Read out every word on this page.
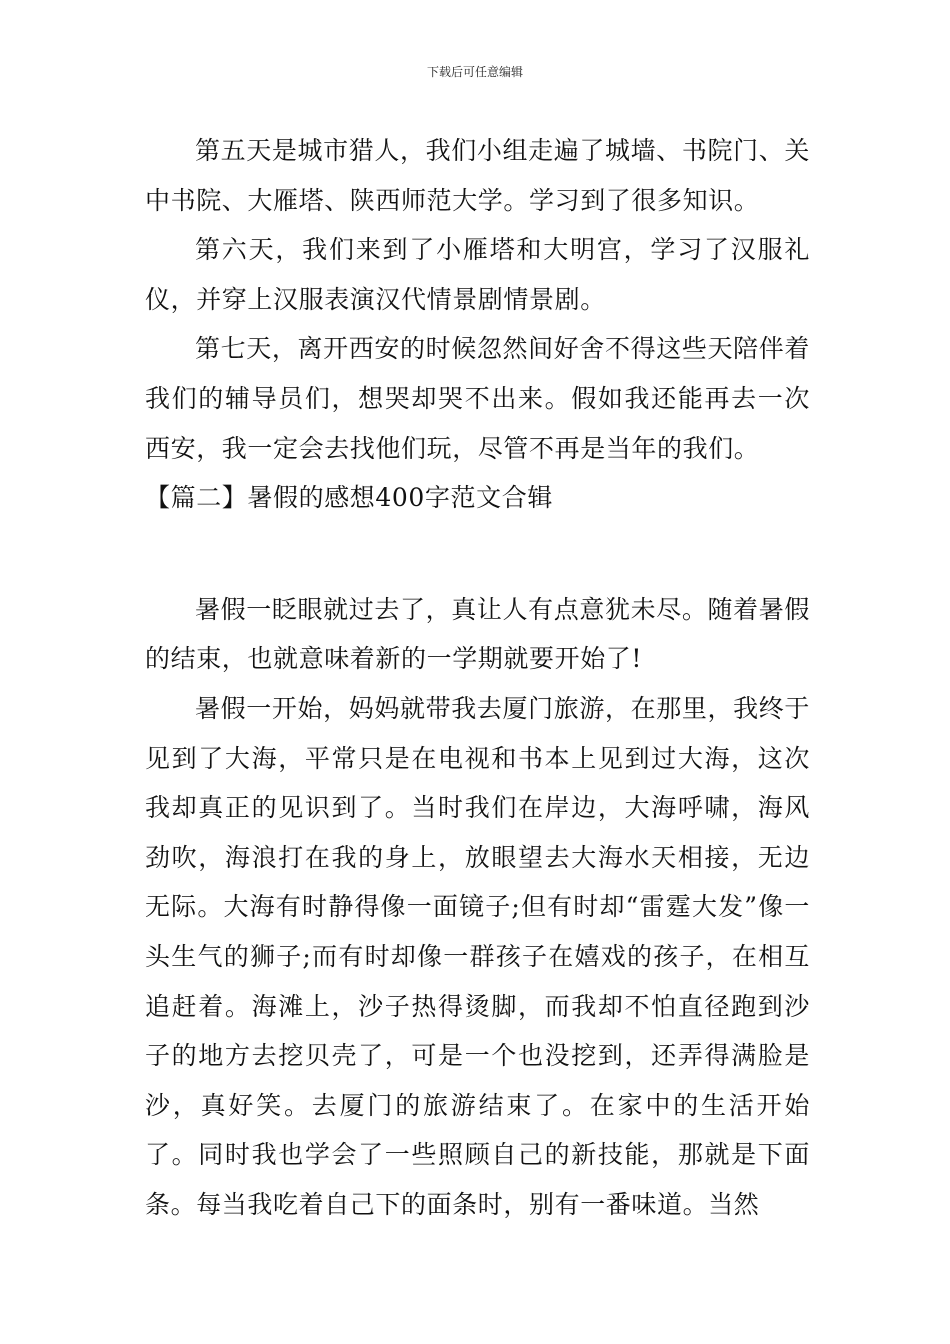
下载后可任意编辑

第五天是城市猎人，我们小组走遍了城墙、书院门、关中书院、大雁塔、陕西师范大学。学习到了很多知识。

第六天，我们来到了小雁塔和大明宫，学习了汉服礼仪，并穿上汉服表演汉代情景剧情景剧。

第七天，离开西安的时候忽然间好舍不得这些天陪伴着我们的辅导员们，想哭却哭不出来。假如我还能再去一次西安，我一定会去找他们玩，尽管不再是当年的我们。

【篇二】暑假的感想400字范文合辑

暑假一眨眼就过去了，真让人有点意犹未尽。随着暑假的结束，也就意味着新的一学期就要开始了!

暑假一开始，妈妈就带我去厦门旅游，在那里，我终于见到了大海，平常只是在电视和书本上见到过大海，这次我却真正的见识到了。当时我们在岸边，大海呼啸，海风劲吹，海浪打在我的身上，放眼望去大海水天相接，无边无际。大海有时静得像一面镜子;但有时却“雷霆大发”像一头生气的狮子;而有时却像一群孩子在嬉戏的孩子，在相互追赶着。海滩上，沙子热得烫脚，而我却不怕直径跑到沙子的地方去挖贝壳了，可是一个也没挖到，还弄得满脸是沙，真好笑。去厦门的旅游结束了。在家中的生活开始了。同时我也学会了一些照顾自己的新技能，那就是下面条。每当我吃着自己下的面条时，别有一番味道。当然
